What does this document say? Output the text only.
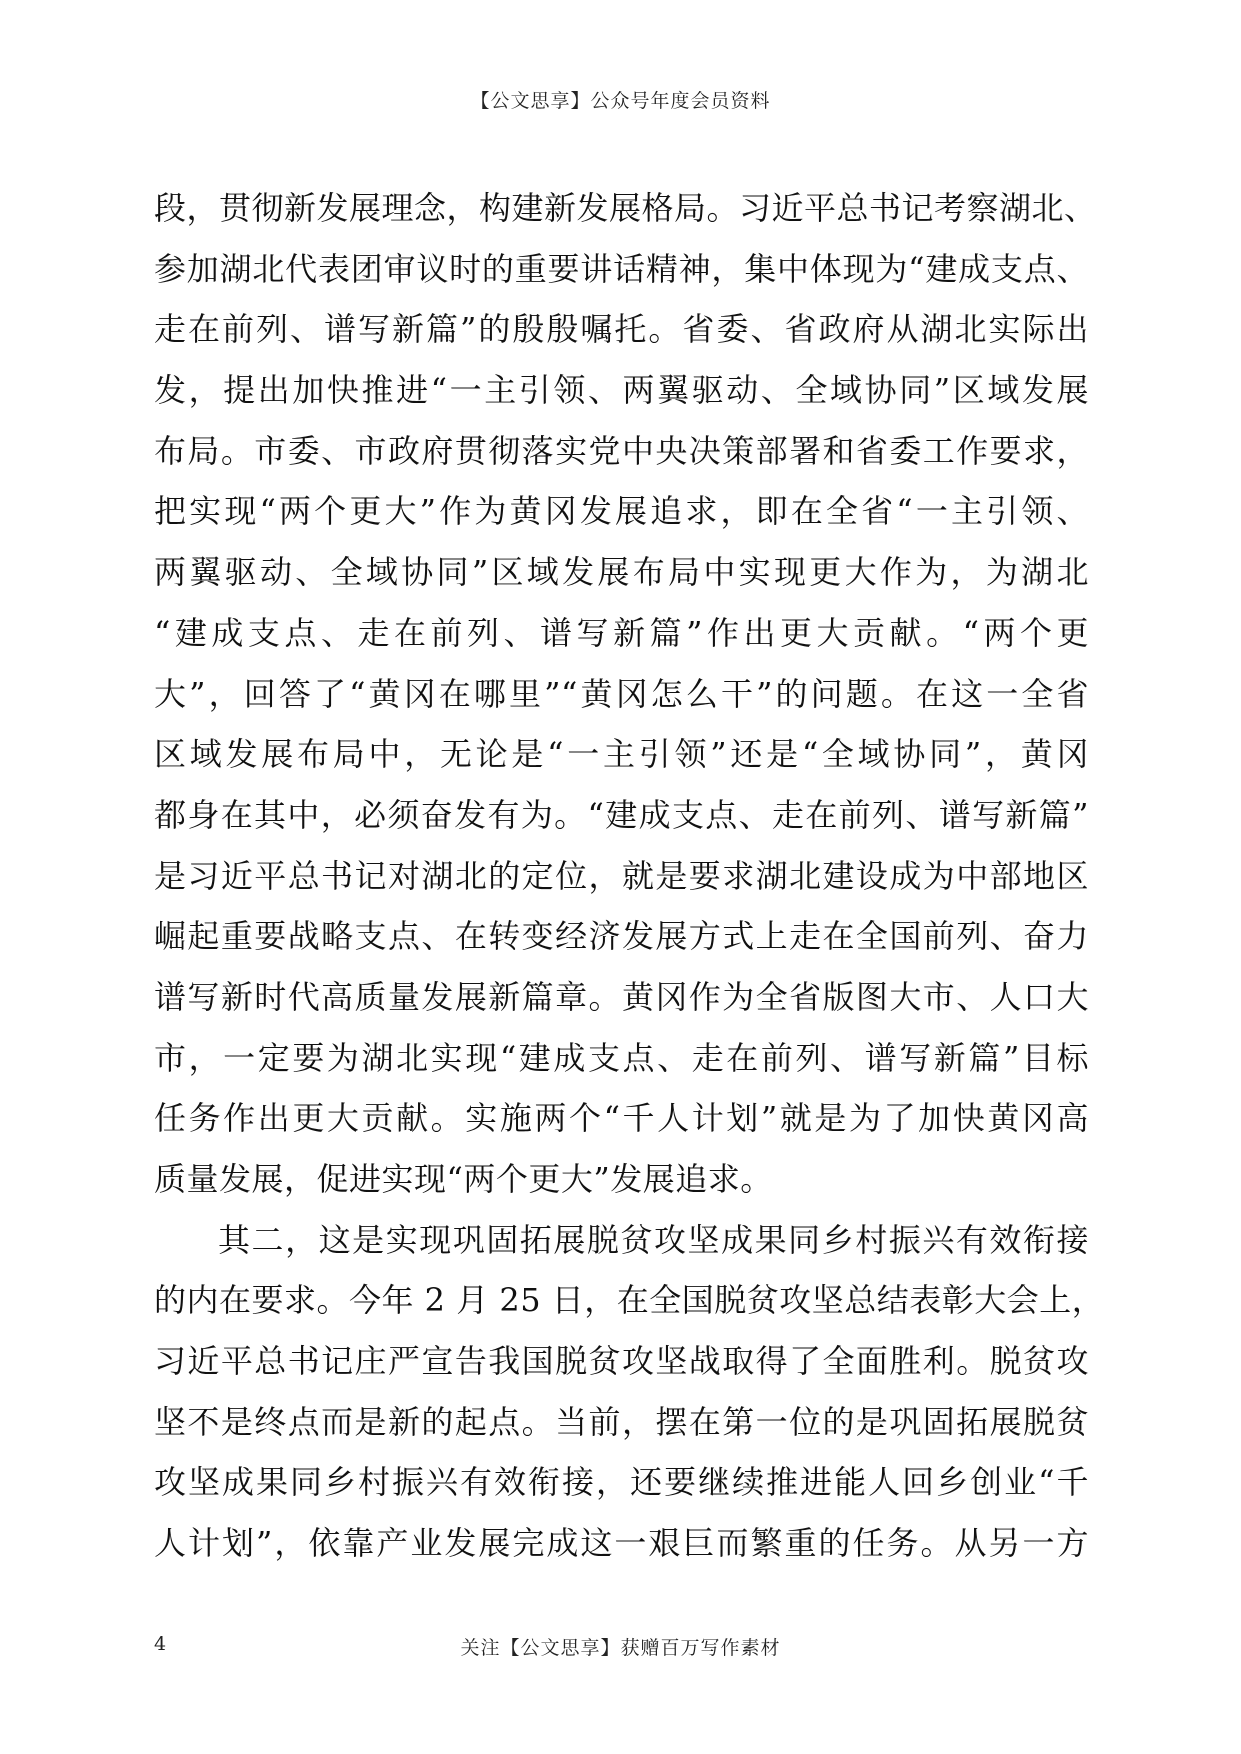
【公文思享】公众号年度会员资料
段，贯彻新发展理念，构建新发展格局。习近平总书记考察湖北、
参加湖北代表团审议时的重要讲话精神，集中体现为“建成支点、
走在前列、谱写新篇”的殷殷嘱托。省委、省政府从湖北实际出
发，提出加快推进“一主引领、两翼驱动、全域协同”区域发展
布局。市委、市政府贯彻落实党中央决策部署和省委工作要求，
把实现“两个更大”作为黄冈发展追求，即在全省“一主引领、
两翼驱动、全域协同”区域发展布局中实现更大作为，为湖北
“建成支点、走在前列、谱写新篇”作出更大贡献。“两个更
大”，回答了“黄冈在哪里”“黄冈怎么干”的问题。在这一全省
区域发展布局中，无论是“一主引领”还是“全域协同”，黄冈
都身在其中，必须奋发有为。“建成支点、走在前列、谱写新篇”
是习近平总书记对湖北的定位，就是要求湖北建设成为中部地区
崛起重要战略支点、在转变经济发展方式上走在全国前列、奋力
谱写新时代高质量发展新篇章。黄冈作为全省版图大市、人口大
市，一定要为湖北实现“建成支点、走在前列、谱写新篇”目标
任务作出更大贡献。实施两个“千人计划”就是为了加快黄冈高
质量发展，促进实现“两个更大”发展追求。
其二，这是实现巩固拓展脱贫攻坚成果同乡村振兴有效衔接
的内在要求。今年 2 月 25 日，在全国脱贫攻坚总结表彰大会上，
习近平总书记庄严宣告我国脱贫攻坚战取得了全面胜利。脱贫攻
坚不是终点而是新的起点。当前，摆在第一位的是巩固拓展脱贫
攻坚成果同乡村振兴有效衔接，还要继续推进能人回乡创业“千
人计划”，依靠产业发展完成这一艰巨而繁重的任务。从另一方
4	关注【公文思享】获赠百万写作素材
